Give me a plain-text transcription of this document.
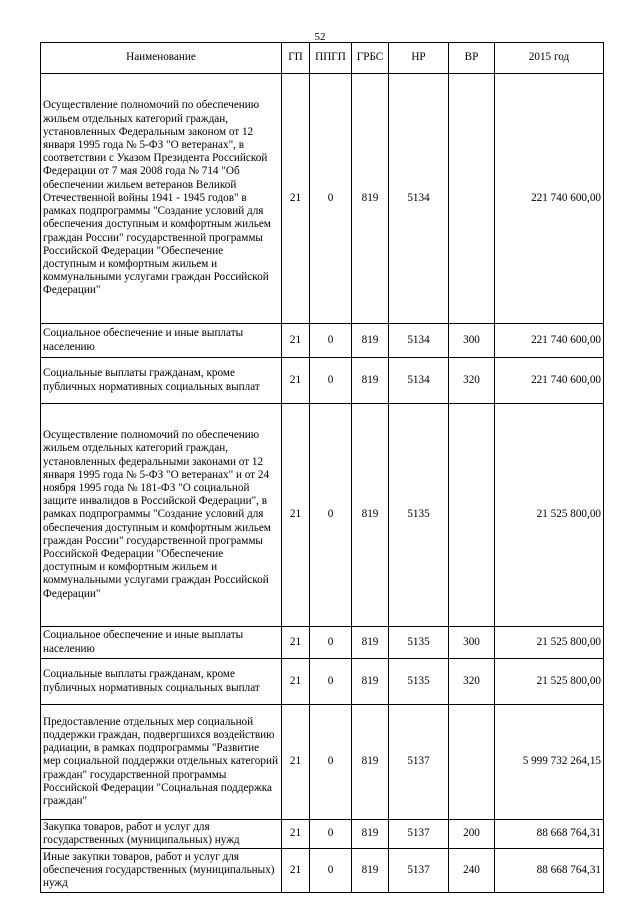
52
Наименование	ГП	ППГП	ГРБС	НР	ВР	2015 год
Осуществление полномочий по обеспечению жильем отдельных категорий граждан, установленных Федеральным законом от 12 января 1995 года № 5-ФЗ "О ветеранах", в соответствии с Указом Президента Российской Федерации от 7 мая 2008 года № 714 "Об обеспечении жильем ветеранов Великой Отечественной войны 1941 - 1945 годов" в рамках подпрограммы "Создание условий для обеспечения доступным и комфортным жильем граждан России" государственной программы Российской Федерации "Обеспечение доступным и комфортным жильем и коммунальными услугами граждан Российской Федерации"	21	0	819	5134		221 740 600,00
Социальное обеспечение и иные выплаты населению	21	0	819	5134	300	221 740 600,00
Социальные выплаты гражданам, кроме публичных нормативных социальных выплат	21	0	819	5134	320	221 740 600,00
Осуществление полномочий по обеспечению жильем отдельных категорий граждан, установленных федеральными законами от 12 января 1995 года № 5-ФЗ "О ветеранах" и от 24 ноября 1995 года № 181-ФЗ "О социальной защите инвалидов в Российской Федерации", в рамках подпрограммы "Создание условий для обеспечения доступным и комфортным жильем граждан России" государственной программы Российской Федерации "Обеспечение доступным и комфортным жильем и коммунальными услугами граждан Российской Федерации"	21	0	819	5135		21 525 800,00
Социальное обеспечение и иные выплаты населению	21	0	819	5135	300	21 525 800,00
Социальные выплаты гражданам, кроме публичных нормативных социальных выплат	21	0	819	5135	320	21 525 800,00
Предоставление отдельных мер социальной поддержки граждан, подвергшихся воздействию радиации, в рамках подпрограммы "Развитие мер социальной поддержки отдельных категорий граждан" государственной программы Российской Федерации "Социальная поддержка граждан"	21	0	819	5137		5 999 732 264,15
Закупка товаров, работ и услуг для государственных (муниципальных) нужд	21	0	819	5137	200	88 668 764,31
Иные закупки товаров, работ и услуг для обеспечения государственных (муниципальных) нужд	21	0	819	5137	240	88 668 764,31
